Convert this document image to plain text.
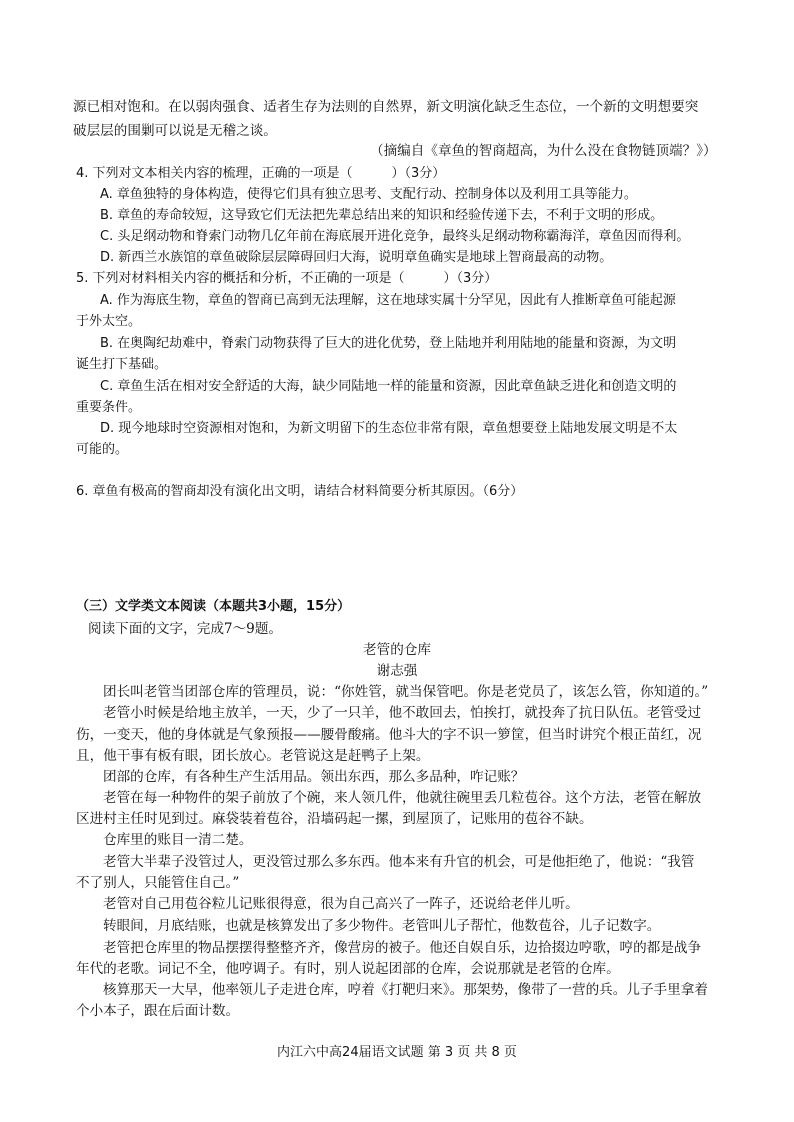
源已相对饱和。在以弱肉强食、适者生存为法则的自然界，新文明演化缺乏生态位，一个新的文明想要突
破层层的围剿可以说是无稽之谈。
（摘编自《章鱼的智商超高，为什么没在食物链顶端？》）
4. 下列对文本相关内容的梳理，正确的一项是（　　　）（3分）
A. 章鱼独特的身体构造，使得它们具有独立思考、支配行动、控制身体以及利用工具等能力。
B. 章鱼的寿命较短，这导致它们无法把先辈总结出来的知识和经验传递下去，不利于文明的形成。
C. 头足纲动物和脊索门动物几亿年前在海底展开进化竞争，最终头足纲动物称霸海洋，章鱼因而得利。
D. 新西兰水族馆的章鱼破除层层障碍回归大海，说明章鱼确实是地球上智商最高的动物。
5. 下列对材料相关内容的概括和分析，不正确的一项是（　　　）（3分）
A. 作为海底生物，章鱼的智商已高到无法理解，这在地球实属十分罕见，因此有人推断章鱼可能起源
于外太空。
B. 在奥陶纪劫难中，脊索门动物获得了巨大的进化优势，登上陆地并利用陆地的能量和资源，为文明
诞生打下基础。
C. 章鱼生活在相对安全舒适的大海，缺少同陆地一样的能量和资源，因此章鱼缺乏进化和创造文明的
重要条件。
D. 现今地球时空资源相对饱和，为新文明留下的生态位非常有限，章鱼想要登上陆地发展文明是不太
可能的。
6. 章鱼有极高的智商却没有演化出文明，请结合材料简要分析其原因。（6分）
（三）文学类文本阅读（本题共3小题，15分）
阅读下面的文字，完成7～9题。
老管的仓库
谢志强
团长叫老管当团部仓库的管理员，说：“你姓管，就当保管吧。你是老党员了，该怎么管，你知道的。”
老管小时候是给地主放羊，一天，少了一只羊，他不敢回去，怕挨打，就投奔了抗日队伍。老管受过
伤，一变天，他的身体就是气象预报——腰骨酸痛。他斗大的字不识一箩筐，但当时讲究个根正苗红，况
且，他干事有板有眼，团长放心。老管说这是赶鸭子上架。
团部的仓库，有各种生产生活用品。领出东西，那么多品种，咋记账？
老管在每一种物件的架子前放了个碗，来人领几件，他就往碗里丢几粒苞谷。这个方法，老管在解放
区进村主任时见到过。麻袋装着苞谷，沿墙码起一摞，到屋顶了，记账用的苞谷不缺。
仓库里的账目一清二楚。
老管大半辈子没管过人，更没管过那么多东西。他本来有升官的机会，可是他拒绝了，他说：“我管
不了别人，只能管住自己。”
老管对自己用苞谷粒儿记账很得意，很为自己高兴了一阵子，还说给老伴儿听。
转眼间，月底结账，也就是核算发出了多少物件。老管叫儿子帮忙，他数苞谷，儿子记数字。
老管把仓库里的物品摆摆得整整齐齐，像营房的被子。他还自娱自乐，边拾掇边哼歌，哼的都是战争
年代的老歌。词记不全，他哼调子。有时，别人说起团部的仓库，会说那就是老管的仓库。
核算那天一大早，他率领儿子走进仓库，哼着《打靶归来》。那架势，像带了一营的兵。儿子手里拿着
个小本子，跟在后面计数。
内江六中高24届语文试题 第 3 页 共 8 页
